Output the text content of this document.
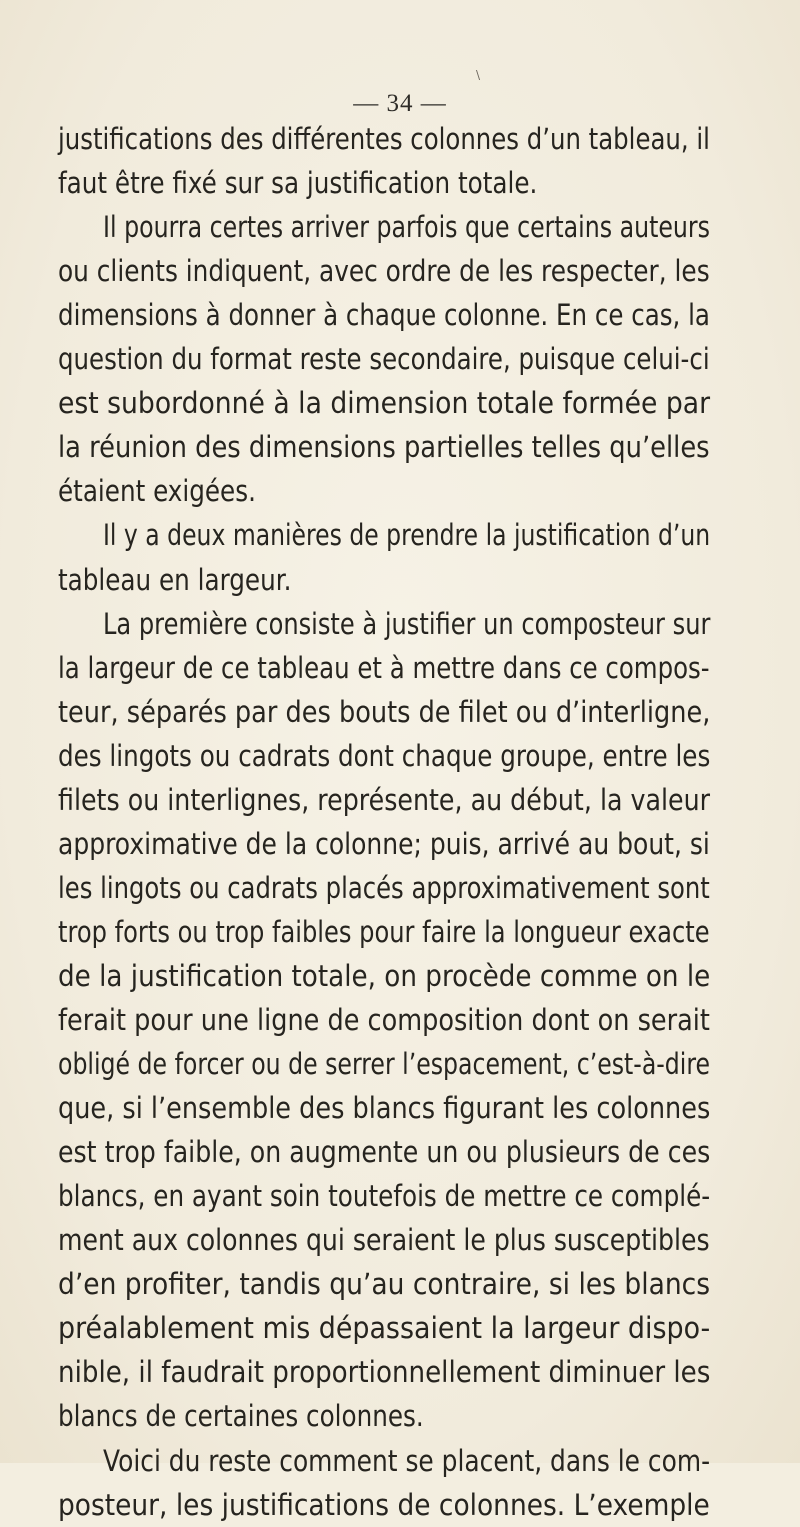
\
— 34 —
justifications des différentes colonnes d’un tableau, il
faut être fixé sur sa justification totale.
Il pourra certes arriver parfois que certains auteurs
ou clients indiquent, avec ordre de les respecter, les
dimensions à donner à chaque colonne. En ce cas, la
question du format reste secondaire, puisque celui-ci
est subordonné à la dimension totale formée par
la réunion des dimensions partielles telles qu’elles
étaient exigées.
Il y a deux manières de prendre la justification d’un
tableau en largeur.
La première consiste à justifier un composteur sur
la largeur de ce tableau et à mettre dans ce compos-
teur, séparés par des bouts de filet ou d’interligne,
des lingots ou cadrats dont chaque groupe, entre les
filets ou interlignes, représente, au début, la valeur
approximative de la colonne; puis, arrivé au bout, si
les lingots ou cadrats placés approximativement sont
trop forts ou trop faibles pour faire la longueur exacte
de la justification totale, on procède comme on le
ferait pour une ligne de composition dont on serait
obligé de forcer ou de serrer l’espacement, c’est-à-dire
que, si l’ensemble des blancs figurant les colonnes
est trop faible, on augmente un ou plusieurs de ces
blancs, en ayant soin toutefois de mettre ce complé-
ment aux colonnes qui seraient le plus susceptibles
d’en profiter, tandis qu’au contraire, si les blancs
préalablement mis dépassaient la largeur dispo-
nible, il faudrait proportionnellement diminuer les
blancs de certaines colonnes.
Voici du reste comment se placent, dans le com-
posteur, les justifications de colonnes. L’exemple
